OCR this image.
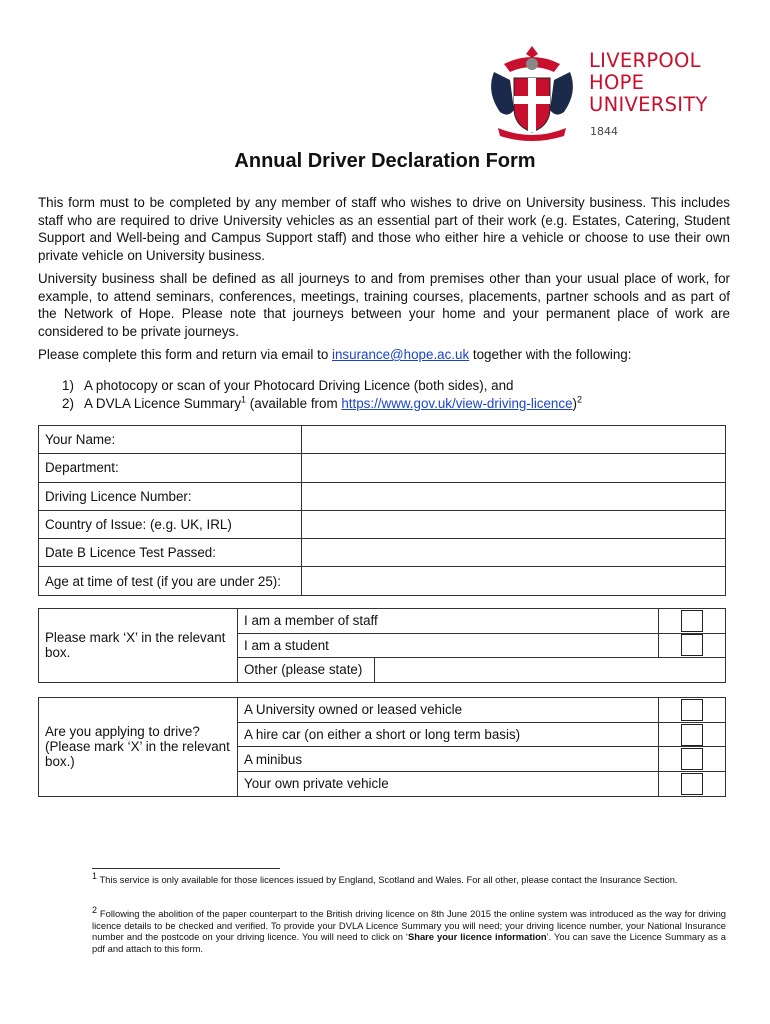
LIVERPOOL
HOPE
UNIVERSITY
1844
Annual Driver Declaration Form
This form must to be completed by any member of staff who wishes to drive on University business. This includes staff who are required to drive University vehicles as an essential part of their work (e.g. Estates, Catering, Student Support and Well-being and Campus Support staff) and those who either hire a vehicle or choose to use their own private vehicle on University business.
University business shall be defined as all journeys to and from premises other than your usual place of work, for example, to attend seminars, conferences, meetings, training courses, placements, partner schools and as part of the Network of Hope. Please note that journeys between your home and your permanent place of work are considered to be private journeys.
Please complete this form and return via email to insurance@hope.ac.uk together with the following:
1) A photocopy or scan of your Photocard Driving Licence (both sides), and
2) A DVLA Licence Summary$^1$ (available from https://www.gov.uk/view-driving-licence)$^2$
Your Name:	
Department:	
Driving Licence Number:	
Country of Issue: (e.g. UK, IRL)	
Date B Licence Test Passed:	
Age at time of test (if you are under 25):	
Please mark ‘X’ in the relevant box.	I am a member of staff		

	I am a student		

	Other (please state)		
Are you applying to drive? (Please mark ‘X’ in the relevant box.)	A University owned or leased vehicle	

	A hire car (on either a short or long term basis)	

	A minibus	

	Your own private vehicle	
$^1$ This service is only available for those licences issued by England, Scotland and Wales. For all other, please contact the Insurance Section.
$^2$ Following the abolition of the paper counterpart to the British driving licence on 8th June 2015 the online system was introduced as the way for driving licence details to be checked and verified. To provide your DVLA Licence Summary you will need; your driving licence number, your National Insurance number and the postcode on your driving licence. You will need to click on ‘Share your licence information’. You can save the Licence Summary as a pdf and attach to this form.
